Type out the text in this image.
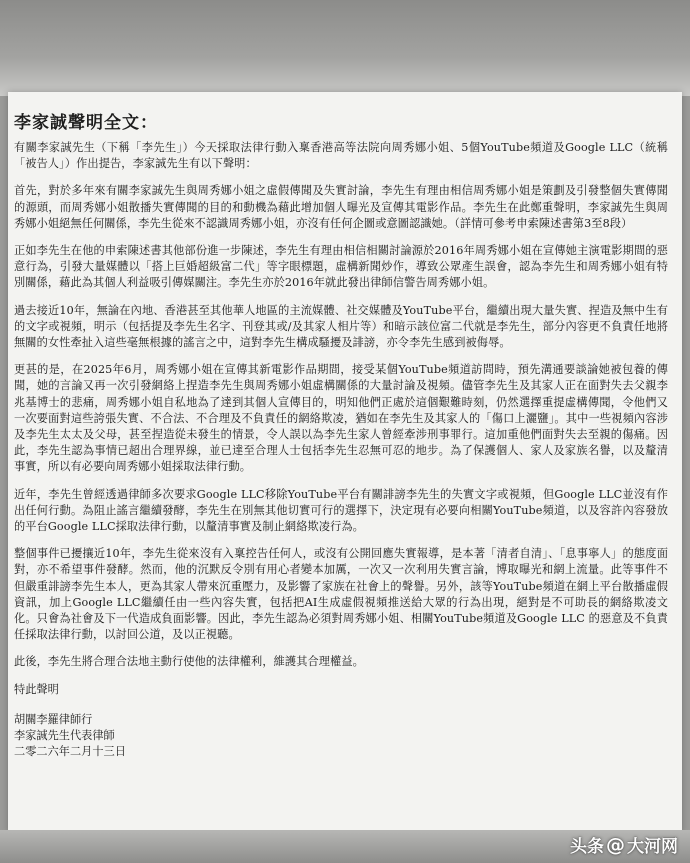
李家誠聲明全文：

有關李家誠先生（下稱「李先生」）今天採取法律行動入稟香港高等法院向周秀娜小姐、5個YouTube頻道及Google LLC（統稱「被告人」）作出提告，李家誠先生有以下聲明：

首先，對於多年來有關李家誠先生與周秀娜小姐之虛假傳聞及失實討論，李先生有理由相信周秀娜小姐是策劃及引發整個失實傳聞的源頭，而周秀娜小姐散播失實傳聞的目的和動機為藉此增加個人曝光及宣傳其電影作品。李先生在此鄭重聲明，李家誠先生與周秀娜小姐絕無任何關係，李先生從來不認識周秀娜小姐，亦沒有任何企圖或意圖認識她。（詳情可參考申索陳述書第3至8段）

正如李先生在他的申索陳述書其他部份進一步陳述，李先生有理由相信相關討論源於2016年周秀娜小姐在宣傳她主演電影期間的惡意行為，引發大量媒體以「搭上巨婚超級富二代」等字眼標題，虛構新聞炒作，導致公眾產生誤會，認為李先生和周秀娜小姐有特別關係，藉此為其個人利益吸引傳媒關注。李先生亦於2016年就此發出律師信警告周秀娜小姐。

過去接近10年，無論在內地、香港甚至其他華人地區的主流媒體、社交媒體及YouTube平台，繼續出現大量失實、捏造及無中生有的文字或視頻，明示（包括提及李先生名字、刊登其或/及其家人相片等）和暗示該位富二代就是李先生，部分內容更不負責任地將無關的女性牽扯入這些毫無根據的謠言之中，這對李先生構成騷擾及誹謗，亦令李先生感到被侮辱。

更甚的是，在2025年6月，周秀娜小姐在宣傳其新電影作品期間，接受某個YouTube頻道訪問時，預先溝通要談論她被包養的傳聞，她的言論又再一次引發網絡上捏造李先生與周秀娜小姐虛構關係的大量討論及視頻。儘管李先生及其家人正在面對失去父親李兆基博士的悲痛，周秀娜小姐自私地為了達到其個人宣傳目的，明知他們正處於這個艱難時刻，仍然選擇重提虛構傳聞，令他們又一次要面對這些誇張失實、不合法、不合理及不負責任的網絡欺凌，猶如在李先生及其家人的「傷口上灑鹽」。其中一些視頻內容涉及李先生太太及父母，甚至捏造從未發生的情景，令人誤以為李先生家人曾經牽涉刑事罪行。這加重他們面對失去至親的傷痛。因此，李先生認為事情已超出合理界線，並已達至合理人士包括李先生忍無可忍的地步。為了保護個人、家人及家族名譽，以及釐清事實，所以有必要向周秀娜小姐採取法律行動。

近年，李先生曾經透過律師多次要求Google LLC移除YouTube平台有關誹謗李先生的失實文字或視頻，但Google LLC並沒有作出任何行動。為阻止謠言繼續發酵，李先生在別無其他切實可行的選擇下，決定現有必要向相關YouTube頻道，以及容許內容發放的平台Google LLC採取法律行動，以釐清事實及制止網絡欺凌行為。

整個事件已擾攘近10年，李先生從來沒有入稟控告任何人，或沒有公開回應失實報導，是本著「清者自清」、「息事寧人」的態度面對，亦不希望事件發酵。然而，他的沉默反令別有用心者變本加厲，一次又一次利用失實言論，博取曝光和網上流量。此等事件不但嚴重誹謗李先生本人，更為其家人帶來沉重壓力，及影響了家族在社會上的聲譽。另外，該等YouTube頻道在網上平台散播虛假資訊，加上Google LLC繼續任由一些內容失實，包括把AI生成虛假視頻推送給大眾的行為出現，絕對是不可助長的網絡欺凌文化。只會為社會及下一代造成負面影響。因此，李先生認為必須對周秀娜小姐、相關YouTube頻道及Google LLC 的惡意及不負責任採取法律行動，以討回公道，及以正視聽。

此後，李先生將合理合法地主動行使他的法律權利，維護其合理權益。

特此聲明

胡關李羅律師行

李家誠先生代表律師

二零二六年二月十三日

头条 @ 大河网
